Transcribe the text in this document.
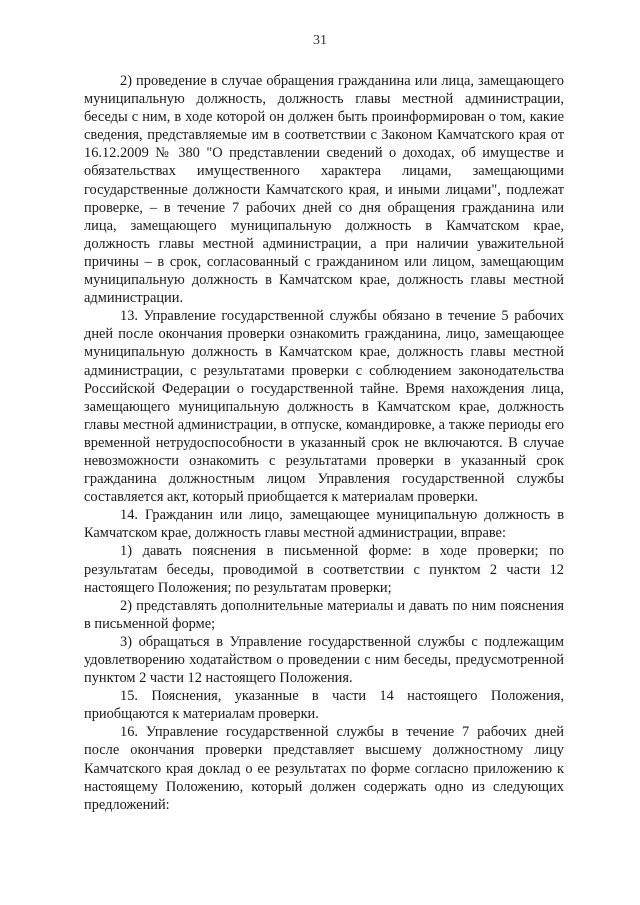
31

2) проведение в случае обращения гражданина или лица, замещающего муниципальную должность, должность главы местной администрации, беседы с ним, в ходе которой он должен быть проинформирован о том, какие сведения, представляемые им в соответствии с Законом Камчатского края от 16.12.2009 № 380 "О представлении сведений о доходах, об имуществе и обязательствах имущественного характера лицами, замещающими государственные должности Камчатского края, и иными лицами", подлежат проверке, – в течение 7 рабочих дней со дня обращения гражданина или лица, замещающего муниципальную должность в Камчатском крае, должность главы местной администрации, а при наличии уважительной причины – в срок, согласованный с гражданином или лицом, замещающим муниципальную должность в Камчатском крае, должность главы местной администрации.

13. Управление государственной службы обязано в течение 5 рабочих дней после окончания проверки ознакомить гражданина, лицо, замещающее муниципальную должность в Камчатском крае, должность главы местной администрации, с результатами проверки с соблюдением законодательства Российской Федерации о государственной тайне. Время нахождения лица, замещающего муниципальную должность в Камчатском крае, должность главы местной администрации, в отпуске, командировке, а также периоды его временной нетрудоспособности в указанный срок не включаются. В случае невозможности ознакомить с результатами проверки в указанный срок гражданина должностным лицом Управления государственной службы составляется акт, который приобщается к материалам проверки.

14. Гражданин или лицо, замещающее муниципальную должность в Камчатском крае, должность главы местной администрации, вправе:

1) давать пояснения в письменной форме: в ходе проверки; по результатам беседы, проводимой в соответствии с пунктом 2 части 12 настоящего Положения; по результатам проверки;

2) представлять дополнительные материалы и давать по ним пояснения в письменной форме;

3) обращаться в Управление государственной службы с подлежащим удовлетворению ходатайством о проведении с ним беседы, предусмотренной пунктом 2 части 12 настоящего Положения.

15. Пояснения, указанные в части 14 настоящего Положения, приобщаются к материалам проверки.

16. Управление государственной службы в течение 7 рабочих дней после окончания проверки представляет высшему должностному лицу Камчатского края доклад о ее результатах по форме согласно приложению к настоящему Положению, который должен содержать одно из следующих предложений:
